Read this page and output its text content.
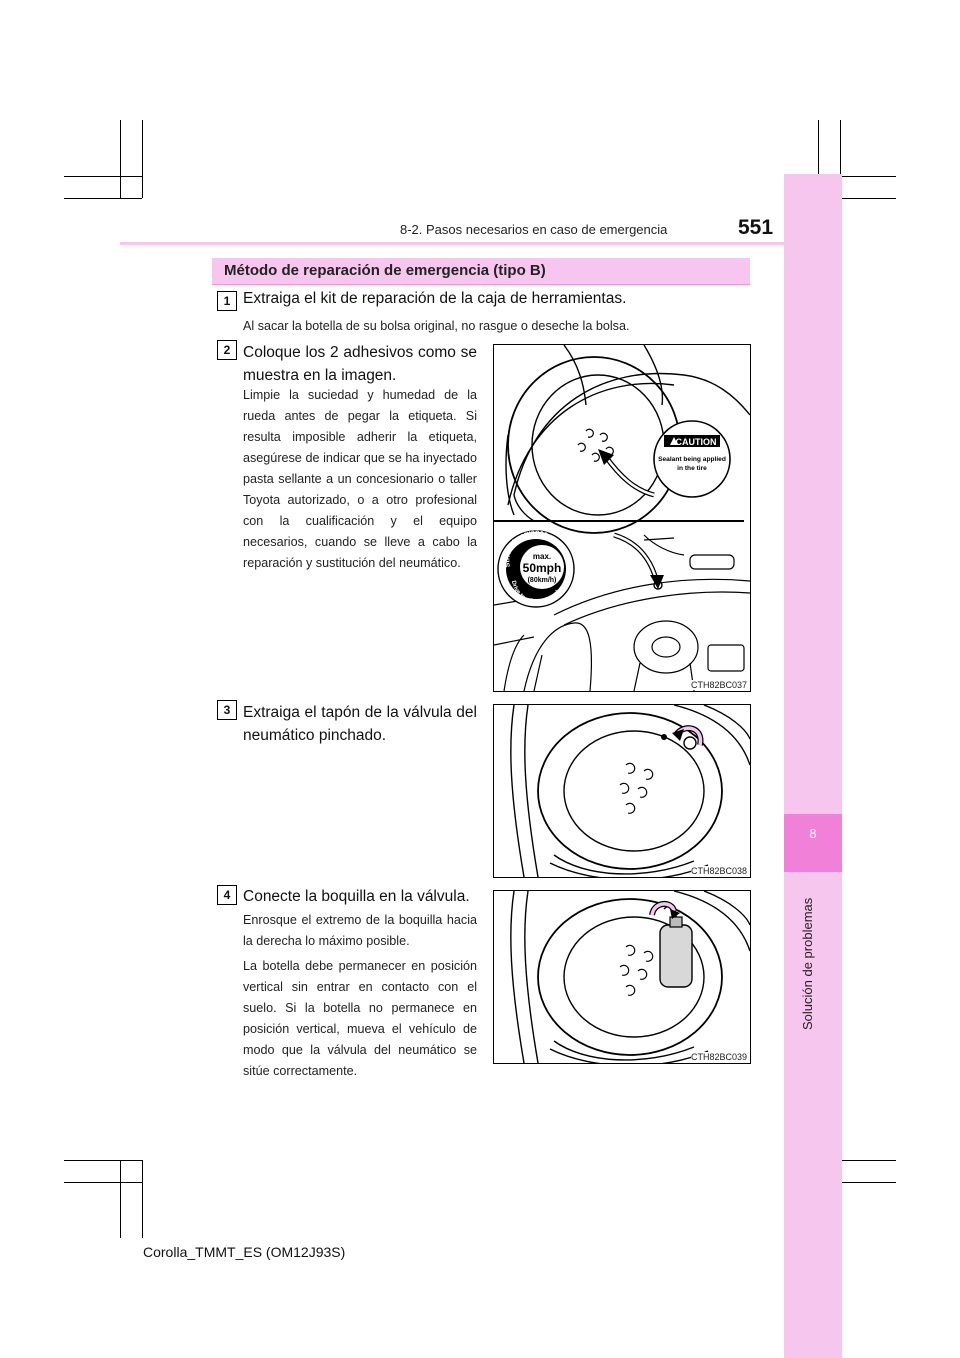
8
Solución de problemas
8-2. Pasos necesarios en caso de emergencia	551
Método de reparación de emergencia (tipo B)
1 Extraiga el kit de reparación de la caja de herramientas.
Al sacar la botella de su bolsa original, no rasgue o deseche la bolsa.
2 Coloque los 2 adhesivos como se muestra en la imagen.
Limpie la suciedad y humedad de la rueda antes de pegar la etiqueta. Si resulta imposible adherir la etiqueta, asegúrese de indicar que se ha inyectado pasta sellante a un concesionario o taller Toyota autorizado, o a otro profesional con la cualificación y el equipo necesarios, cuando se lleve a cabo la reparación y sustitución del neumático.
CAUTION
Sealant being applied
in the tire
max.
50mph
(80km/h)
Strict observance
Drive to a Toyota Deal
CTH82BC037
3 Extraiga el tapón de la válvula del neumático pinchado.
CTH82BC038
4 Conecte la boquilla en la válvula.
Enrosque el extremo de la boquilla hacia la derecha lo máximo posible.
La botella debe permanecer en posición vertical sin entrar en contacto con el suelo. Si la botella no permanece en posición vertical, mueva el vehículo de modo que la válvula del neumático se sitúe correctamente.
CTH82BC039
Corolla_TMMT_ES (OM12J93S)
